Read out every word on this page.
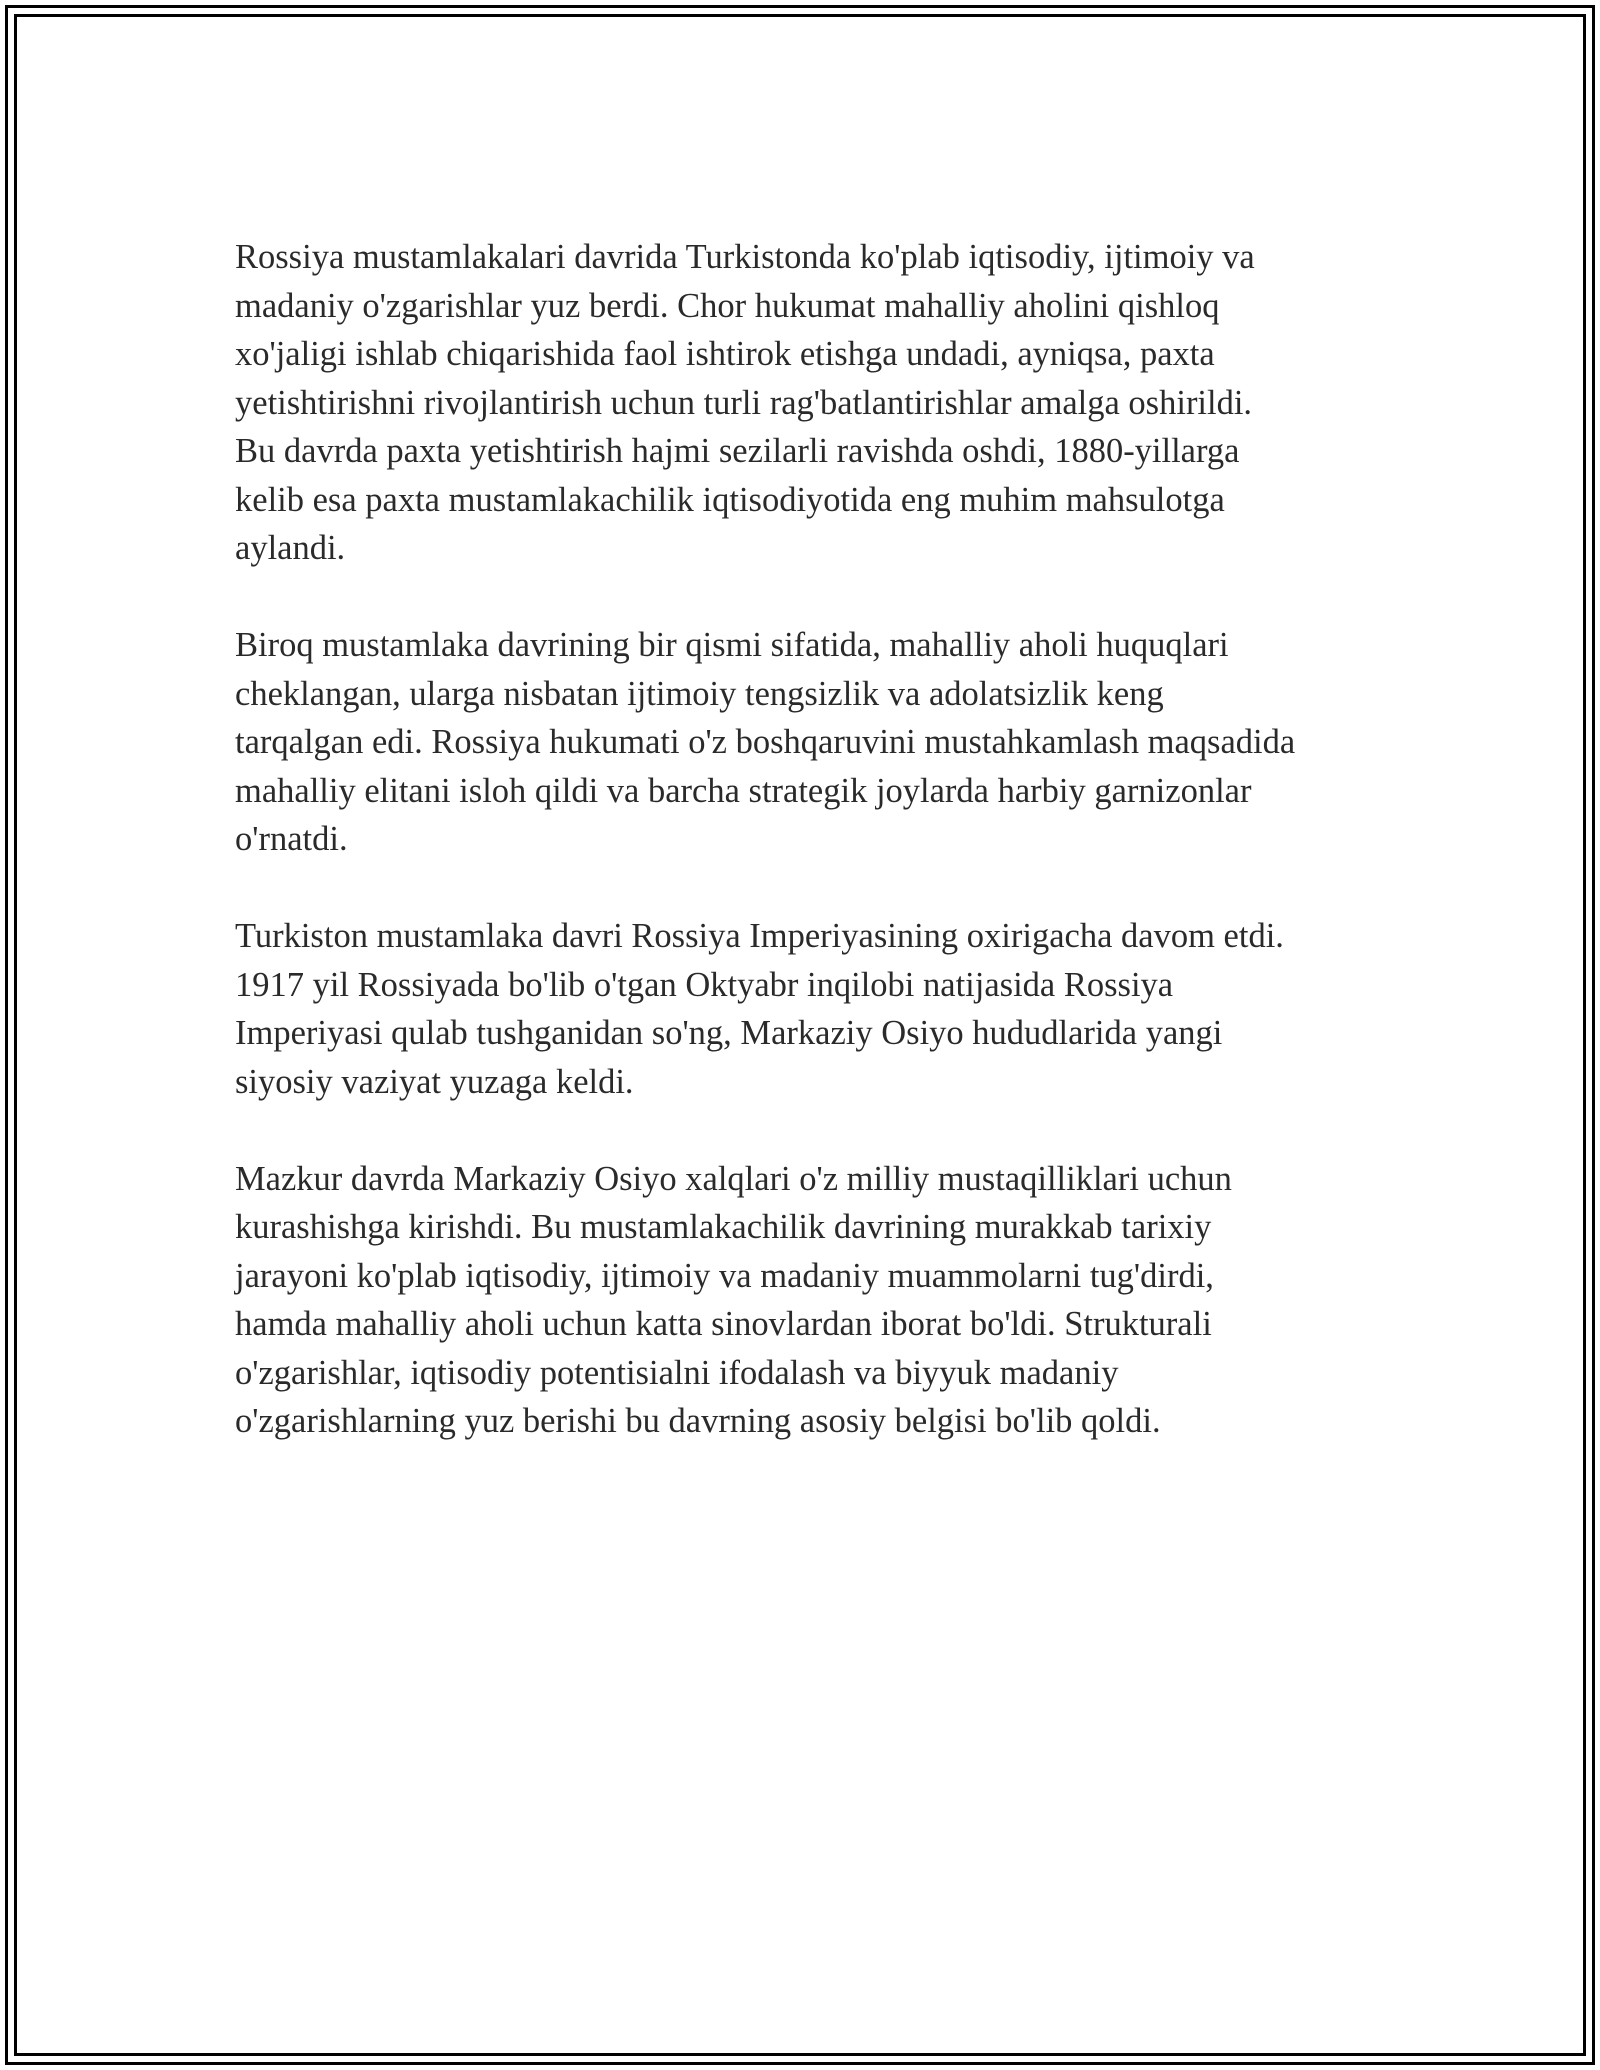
Rossiya mustamlakalari davrida Turkistonda ko'plab iqtisodiy, ijtimoiy va
madaniy o'zgarishlar yuz berdi. Chor hukumat mahalliy aholini qishloq
xo'jaligi ishlab chiqarishida faol ishtirok etishga undadi, ayniqsa, paxta
yetishtirishni rivojlantirish uchun turli rag'batlantirishlar amalga oshirildi.
Bu davrda paxta yetishtirish hajmi sezilarli ravishda oshdi, 1880-yillarga
kelib esa paxta mustamlakachilik iqtisodiyotida eng muhim mahsulotga
aylandi.

Biroq mustamlaka davrining bir qismi sifatida, mahalliy aholi huquqlari
cheklangan, ularga nisbatan ijtimoiy tengsizlik va adolatsizlik keng
tarqalgan edi. Rossiya hukumati o'z boshqaruvini mustahkamlash maqsadida
mahalliy elitani isloh qildi va barcha strategik joylarda harbiy garnizonlar
o'rnatdi.

Turkiston mustamlaka davri Rossiya Imperiyasining oxirigacha davom etdi.
1917 yil Rossiyada bo'lib o'tgan Oktyabr inqilobi natijasida Rossiya
Imperiyasi qulab tushganidan so'ng, Markaziy Osiyo hududlarida yangi
siyosiy vaziyat yuzaga keldi.

Mazkur davrda Markaziy Osiyo xalqlari o'z milliy mustaqilliklari uchun
kurashishga kirishdi. Bu mustamlakachilik davrining murakkab tarixiy
jarayoni ko'plab iqtisodiy, ijtimoiy va madaniy muammolarni tug'dirdi,
hamda mahalliy aholi uchun katta sinovlardan iborat bo'ldi. Strukturali
o'zgarishlar, iqtisodiy potentisialni ifodalash va biyyuk madaniy
o'zgarishlarning yuz berishi bu davrning asosiy belgisi bo'lib qoldi.
